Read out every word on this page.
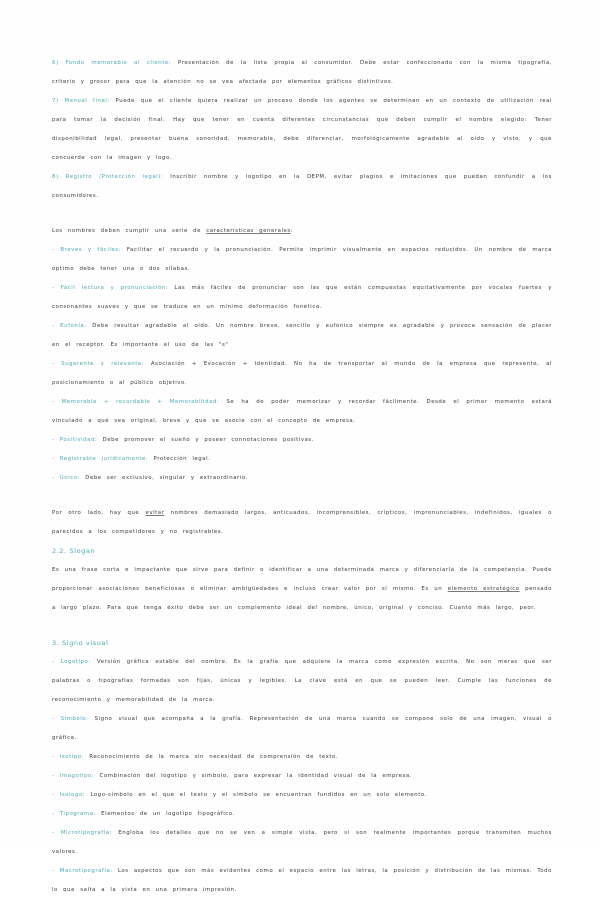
6) Fondo memorable al cliente: Presentación de la lista propia al consumidor. Debe estar confeccionado con la misma tipografía, criterio y grosor para que la atención no se vea afectada por elementos gráficos distintivos.

7) Manual final: Puede que el cliente quiera realizar un proceso donde los agentes se determinan en un contexto de utilización real para tomar la decisión final. Hay que tener en cuenta diferentes circunstancias que deben cumplir el nombre elegido: Tener disponibilidad legal, presentar buena sonoridad, memorable, debe diferenciar, morfológicamente agradable al oído y visto, y que concuerde con la imagen y logo.

8) Registro (Protección legal): Inscribir nombre y logotipo en la OEPM, evitar plagios e imitaciones que puedan confundir a los consumidores.

Los nombres deben cumplir una serie de características generales:

- Breves y fáciles: Facilitar el recuerdo y la pronunciación. Permite imprimir visualmente en espacios reducidos. Un nombre de marca óptimo debe tener una o dos sílabas.

- Fácil lectura y pronunciación: Las más fáciles de pronunciar son las que están compuestas equitativamente por vocales fuertes y consonantes suaves y que se traduce en un mínimo deformación fonética.

- Eufonía: Debe resultar agradable al oído. Un nombre breve, sencillo y eufónico siempre es agradable y provoca sensación de placer en el receptor. Es importante el uso de las "s"

- Sugerente y relevante: Asociación + Evocación + Identidad. No ha de transportar al mundo de la empresa que represente, al posicionamiento o al público objetivo.

- Memorable + recordable + Memorabilidad: Se ha de poder memorizar y recordar fácilmente. Desde el primer momento estará vinculado a qué sea original, breve y que se asocie con el concepto de empresa.

- Positividad: Debe promover el sueño y poseer connotaciones positivas.

- Registrable jurídicamente: Protección legal.

- Único: Debe ser exclusivo, singular y extraordinario.

Por otro lado, hay que evitar nombres demasiado largos, anticuados, incomprensibles, crípticos, impronunciables, indefinidos, iguales o parecidos a los competidores y no registrables.

2.2. Slogan

Es una frase corta e impactante que sirve para definir o identificar a una determinada marca y diferenciarla de la competencia. Puede proporcionar asociaciones beneficiosas o eliminar ambigüedades e incluso crear valor por sí mismo. Es un elemento estratégico pensado a largo plazo. Para que tenga éxito debe ser un complemento ideal del nombre, único, original y conciso. Cuanto más largo, peor.

3. Signo visual

- Logotipo: Versión gráfica estable del nombre. Es la grafía que adquiere la marca como expresión escrita. No son meras que ser palabras o tipografías formadas son fijas, únicas y legibles. La clave está en que se pueden leer. Cumple las funciones de reconocimiento y memorabilidad de la marca.

- Símbolo: Signo visual que acompaña a la grafía. Representación de una marca cuando se compone solo de una imagen, visual o gráfica.

- Isotipo: Reconocimiento de la marca sin necesidad de comprensión de texto.

- Imagotipo: Combinación del logotipo y símbolo, para expresar la identidad visual de la empresa.

- Isologo: Logo-símbolo en el que el texto y el símbolo se encuentran fundidos en un solo elemento.

- Tipograma: Elementos de un logotipo tipográfico.

- Microtipografía: Engloba los detalles que no se ven a simple vista, pero si son realmente importantes porque transmiten muchos valores.

- Macrotipografía: Los aspectos que son más evidentes como el espacio entre las letras, la posición y distribución de las mismas. Todo lo que salta a la vista en una primera impresión.
